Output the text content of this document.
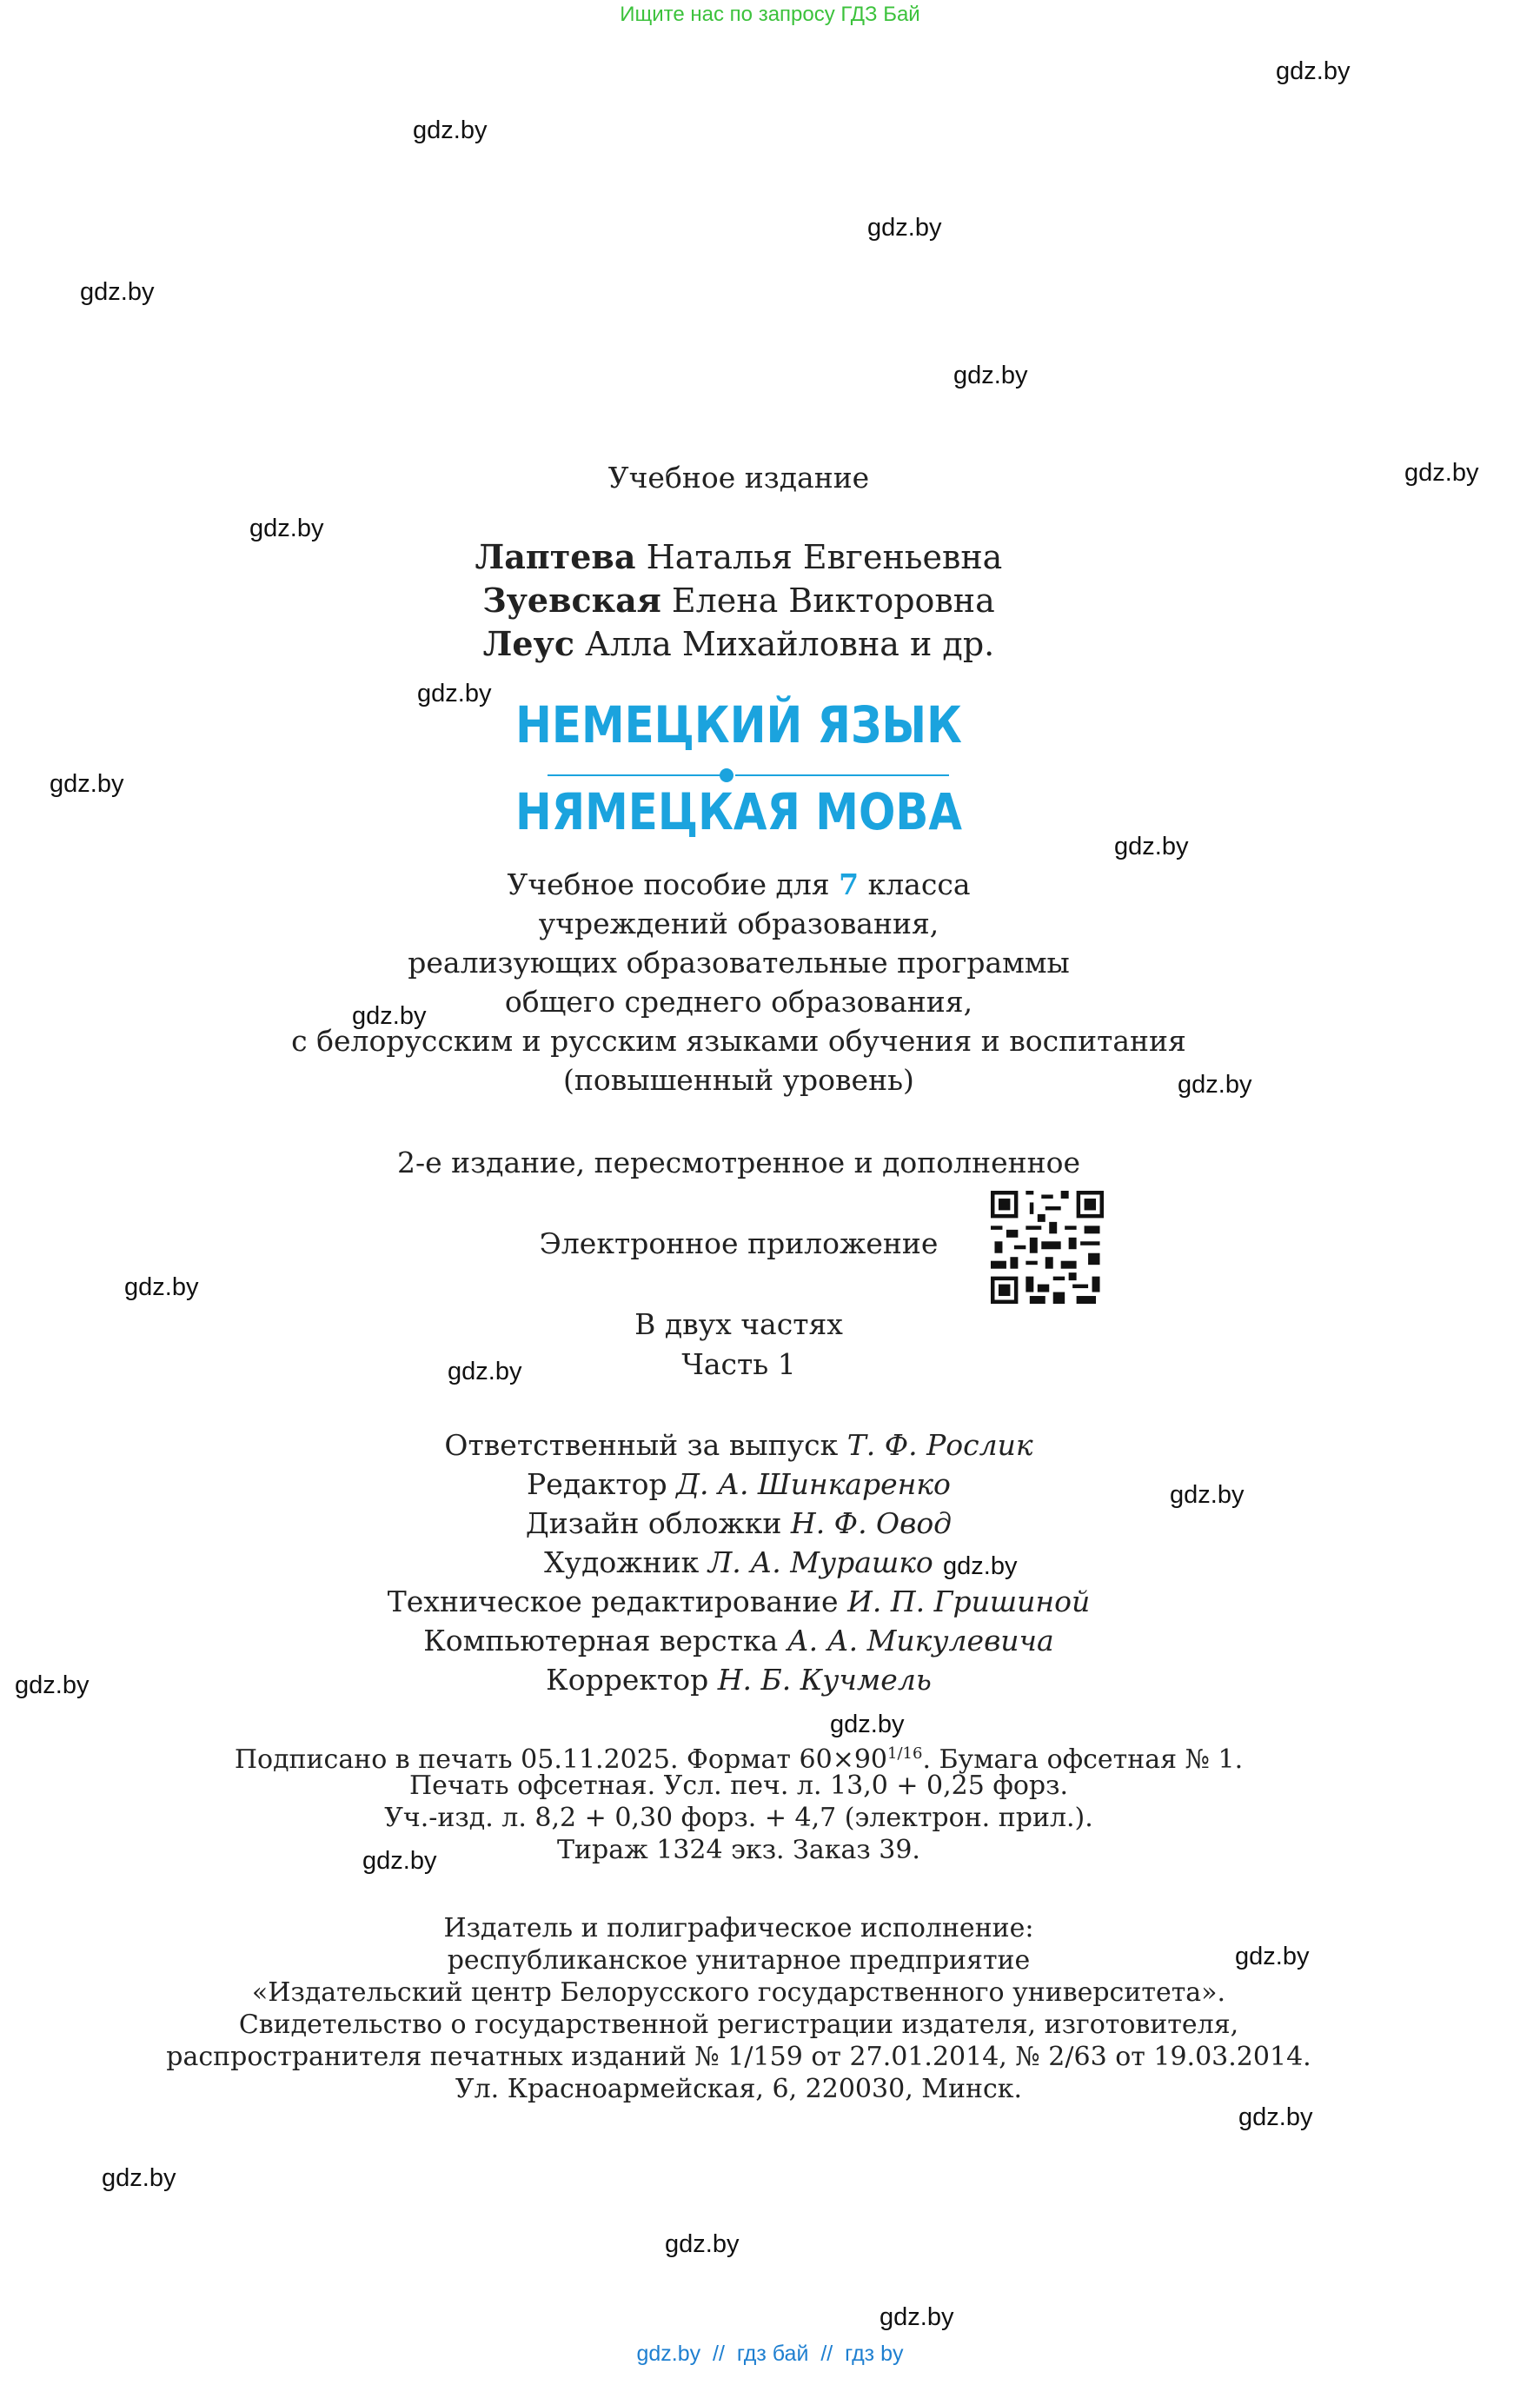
Ищите нас по запросу ГДЗ Бай
gdz.by
gdz.by
gdz.by
gdz.by
gdz.by
gdz.by
gdz.by
gdz.by
gdz.by
gdz.by
gdz.by
gdz.by
gdz.by
gdz.by
gdz.by
gdz.by
gdz.by
gdz.by
gdz.by
gdz.by
gdz.by
gdz.by
gdz.by
gdz.by
Учебное издание
Лаптева Наталья Евгеньевна
Зуевская Елена Викторовна
Леус Алла Михайловна и др.
НЕМЕЦКИЙ ЯЗЫК
НЯМЕЦКАЯ МОВА
Учебное пособие для 7 класса
учреждений образования,
реализующих образовательные программы
общего среднего образования,
с белорусским и русским языками обучения и воспитания
(повышенный уровень)
2-е издание, пересмотренное и дополненное
Электронное приложение
В двух частях
Часть 1
Ответственный за выпуск Т. Ф. Рослик
Редактор Д. А. Шинкаренко
Дизайн обложки Н. Ф. Овод
Художник Л. А. Мурашко
Техническое редактирование И. П. Гришиной
Компьютерная верстка А. А. Микулевича
Корректор Н. Б. Кучмель
Подписано в печать 05.11.2025. Формат $60\times 90^{1/16}$. Бумага офсетная № 1.
Печать офсетная. Усл. печ. л. 13,0 + 0,25 форз.
Уч.-изд. л. 8,2 + 0,30 форз. + 4,7 (электрон. прил.).
Тираж 1324 экз. Заказ 39.
Издатель и полиграфическое исполнение:
республиканское унитарное предприятие
«Издательский центр Белорусского государственного университета».
Свидетельство о государственной регистрации издателя, изготовителя,
распространителя печатных изданий № 1/159 от 27.01.2014, № 2/63 от 19.03.2014.
Ул. Красноармейская, 6, 220030, Минск.
gdz.by  //  гдз бай  //  гдз by
